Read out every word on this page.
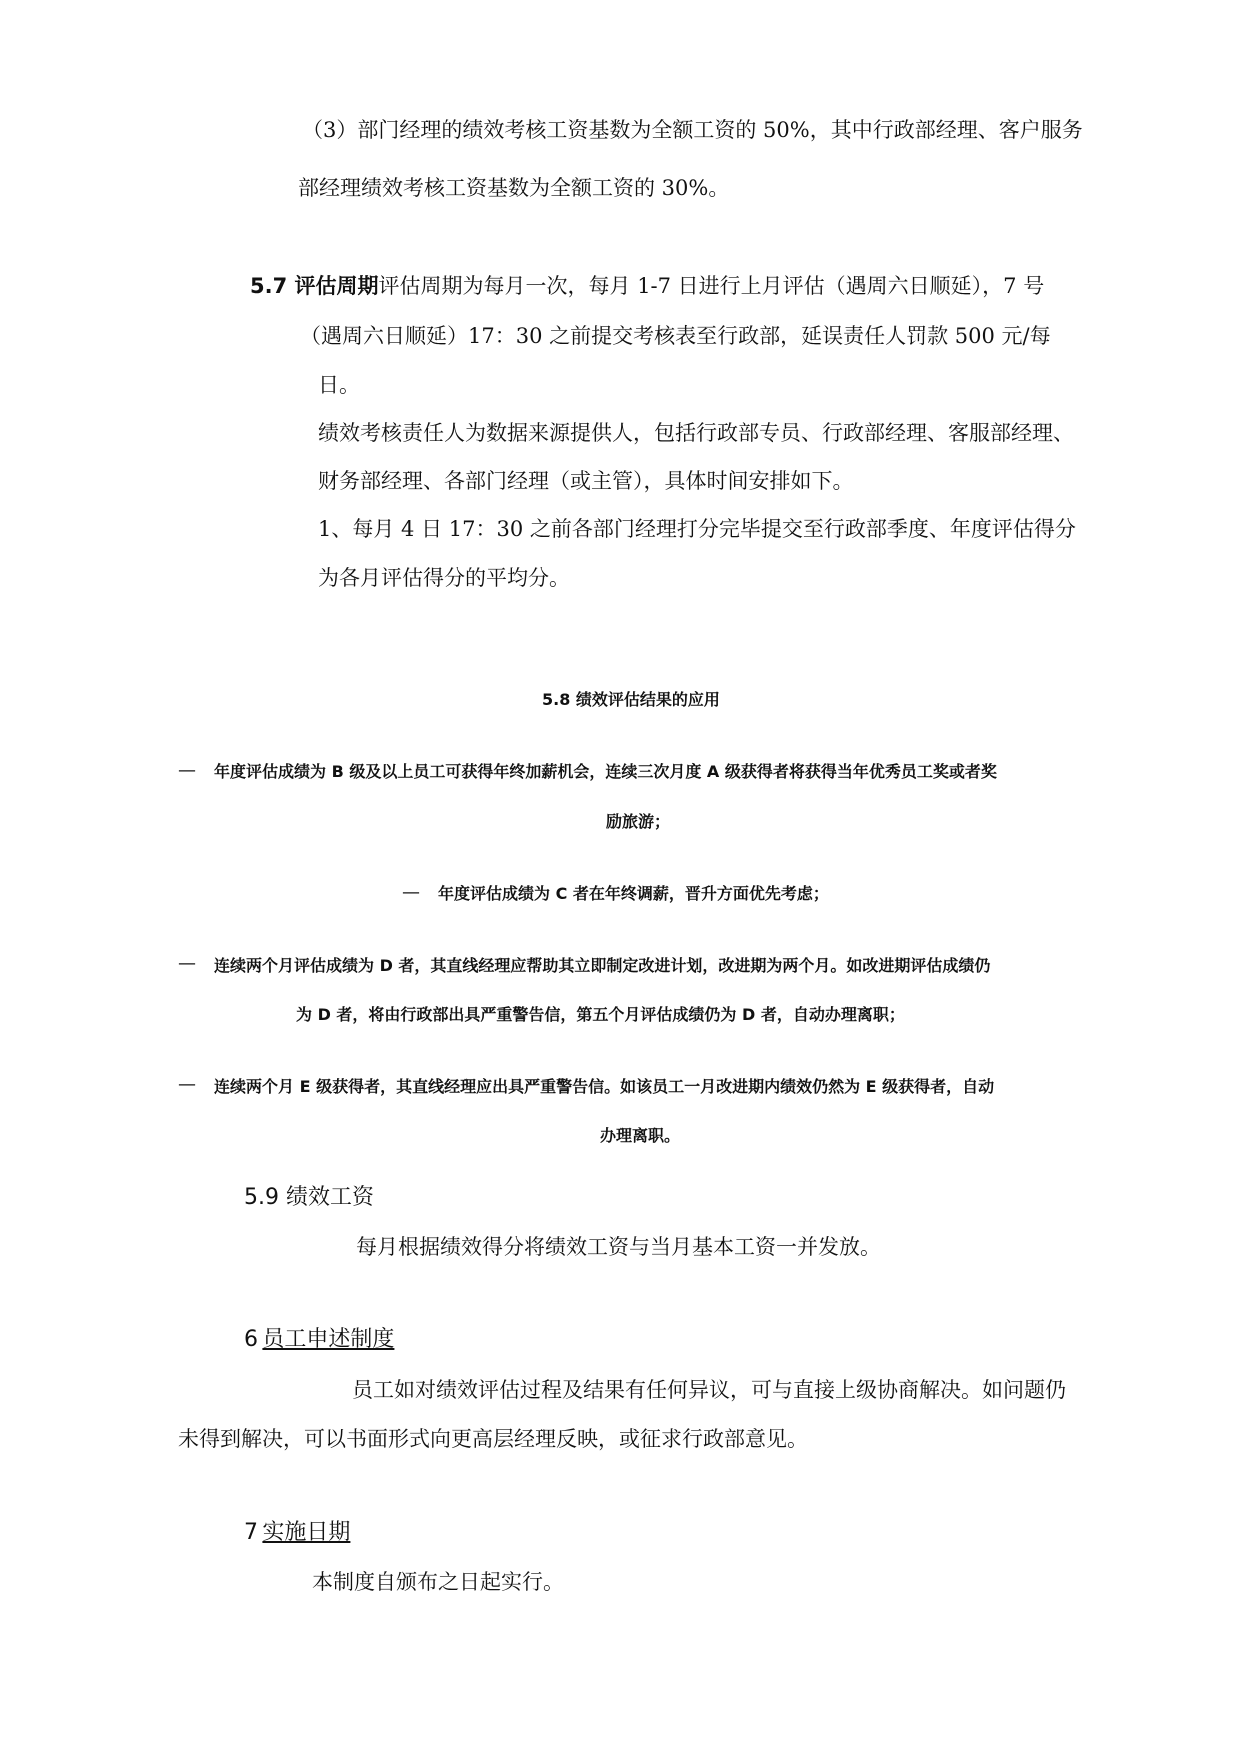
（3）部门经理的绩效考核工资基数为全额工资的 50%，其中行政部经理、客户服务
部经理绩效考核工资基数为全额工资的 30%。
5.7 评估周期评估周期为每月一次，每月 1-7 日进行上月评估（遇周六日顺延），7 号
（遇周六日顺延）17：30 之前提交考核表至行政部，延误责任人罚款 500 元/每
日。
绩效考核责任人为数据来源提供人，包括行政部专员、行政部经理、客服部经理、
财务部经理、各部门经理（或主管），具体时间安排如下。
1、每月 4 日 17：30 之前各部门经理打分完毕提交至行政部季度、年度评估得分
为各月评估得分的平均分。
5.8 绩效评估结果的应用
— 年度评估成绩为 B 级及以上员工可获得年终加薪机会，连续三次月度 A 级获得者将获得当年优秀员工奖或者奖
励旅游；
— 年度评估成绩为 C 者在年终调薪，晋升方面优先考虑；
— 连续两个月评估成绩为 D 者，其直线经理应帮助其立即制定改进计划，改进期为两个月。如改进期评估成绩仍
为 D 者，将由行政部出具严重警告信，第五个月评估成绩仍为 D 者，自动办理离职；
— 连续两个月 E 级获得者，其直线经理应出具严重警告信。如该员工一月改进期内绩效仍然为 E 级获得者，自动
办理离职。
5.9 绩效工资
每月根据绩效得分将绩效工资与当月基本工资一并发放。
6  员工申述制度
员工如对绩效评估过程及结果有任何异议，可与直接上级协商解决。如问题仍
未得到解决，可以书面形式向更高层经理反映，或征求行政部意见。
7  实施日期
本制度自颁布之日起实行。
